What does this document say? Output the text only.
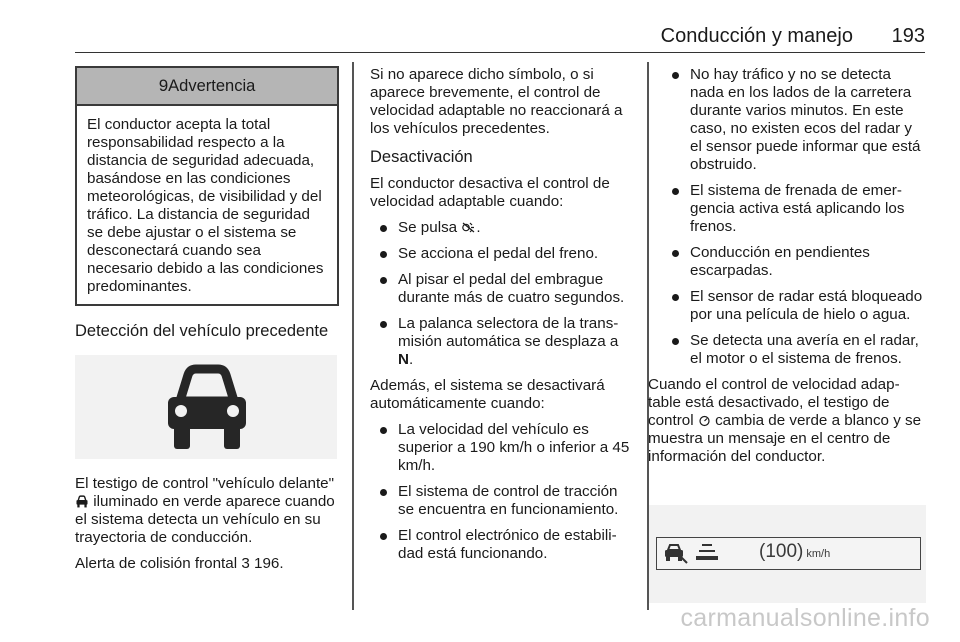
Conducción y manejo 193
9Advertencia
El conductor acepta la total responsabilidad respecto a la distancia de seguridad adecuada, basándose en las condiciones meteorológicas, de visibilidad y del tráfico. La distancia de seguridad se debe ajustar o el sistema se desconectará cuando sea necesario debido a las condiciones predominantes.
Detección del vehículo precedente

El testigo de control "vehículo delante"  iluminado en verde aparece cuando el sistema detecta un vehículo en su trayectoria de conducción.

Alerta de colisión frontal 3 196.

Si no aparece dicho símbolo, o si aparece brevemente, el control de velocidad adaptable no reaccionará a los vehículos precedentes.

Desactivación

El conductor desactiva el control de velocidad adaptable cuando:

Se pulsa .
Se acciona el pedal del freno.
Al pisar el pedal del embrague durante más de cuatro segundos.
La palanca selectora de la transmisión automática se desplaza a N.

Además, el sistema se desactivará automáticamente cuando:

La velocidad del vehículo es superior a 190 km/h o inferior a 45 km/h.
El sistema de control de tracción se encuentra en funcionamiento.
El control electrónico de estabilidad está funcionando.
No hay tráfico y no se detecta nada en los lados de la carretera durante varios minutos. En este caso, no existen ecos del radar y el sensor puede informar que está obstruido.
El sistema de frenada de emergencia activa está aplicando los frenos.
Conducción en pendientes escarpadas.
El sensor de radar está bloqueado por una película de hielo o agua.
Se detecta una avería en el radar, el motor o el sistema de frenos.

Cuando el control de velocidad adaptable está desactivado, el testigo de control cambia de verde a blanco y se muestra un mensaje en el centro de información del conductor.

(100) km/h
carmanualsonline.info
